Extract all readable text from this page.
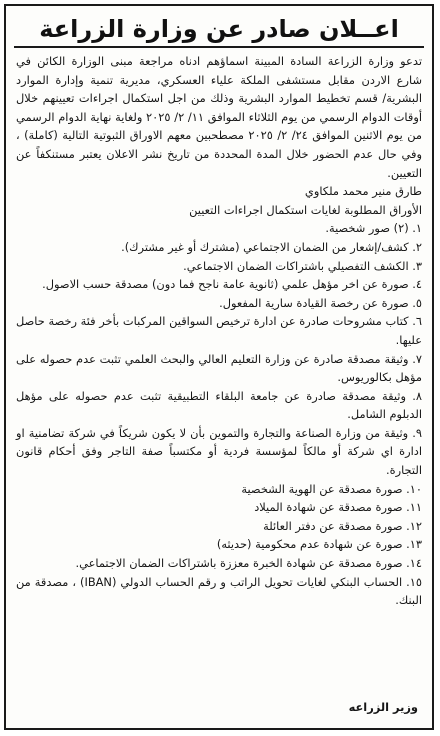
اعــلان صادر عن وزارة الزراعة

تدعو وزارة الزراعة السادة المبينة اسماؤهم ادناه مراجعة مبنى الوزارة الكائن في شارع الاردن مقابل مستشفى الملكة علياء العسكري، مديرية تنمية وإدارة الموارد البشرية/ قسم تخطيط الموارد البشرية وذلك من اجل استكمال اجراءات تعيينهم خلال أوقات الدوام الرسمي من يوم الثلاثاء الموافق ١١/ ٢/ ٢٠٢٥ ولغاية نهاية الدوام الرسمي من يوم الاثنين الموافق ٢٤/ ٢/ ٢٠٢٥ مصطحبين معهم الاوراق الثبوتية التالية (كاملة) ، وفي حال عدم الحضور خلال المدة المحددة من تاريخ نشر الاعلان يعتبر مستنكفاً عن التعيين.

طارق منير محمد ملكاوي

الأوراق المطلوبة لغايات استكمال اجراءات التعيين

١. (٢) صور شخصية.
٢. كشف/إشعار من الضمان الاجتماعي (مشترك أو غير مشترك).
٣. الكشف التفصيلي باشتراكات الضمان الاجتماعي.
٤. صورة عن اخر مؤهل علمي (ثانوية عامة ناجح فما دون) مصدقة حسب الاصول.
٥. صورة عن رخصة القيادة سارية المفعول.
٦. كتاب مشروحات صادرة عن ادارة ترخيص السواقين المركبات بأخر فئة رخصة حاصل عليها.
٧. وثيقة مصدقة صادرة عن وزارة التعليم العالي والبحث العلمي تثبت عدم حصوله على مؤهل بكالوريوس.
٨. وثيقة مصدقة صادرة عن جامعة البلقاء التطبيقية تثبت عدم حصوله على مؤهل الدبلوم الشامل.
٩. وثيقة من وزارة الصناعة والتجارة والتموين بأن لا يكون شريكاً في شركة تضامنية او ادارة اي شركة أو مالكاً لمؤسسة فردية أو مكتسباً صفة التاجر وفق أحكام قانون التجارة.
١٠. صورة مصدقة عن الهوية الشخصية
١١. صورة مصدقة عن شهادة الميلاد
١٢. صورة مصدقة عن دفتر العائلة
١٣. صورة عن شهادة عدم محكومية (حديثه)
١٤. صورة مصدقة عن شهادة الخبرة معززة باشتراكات الضمان الاجتماعي.
١٥. الحساب البنكي لغايات تحويل الراتب و رقم الحساب الدولي (IBAN) ، مصدقة من البنك.
وزير الزراعه
